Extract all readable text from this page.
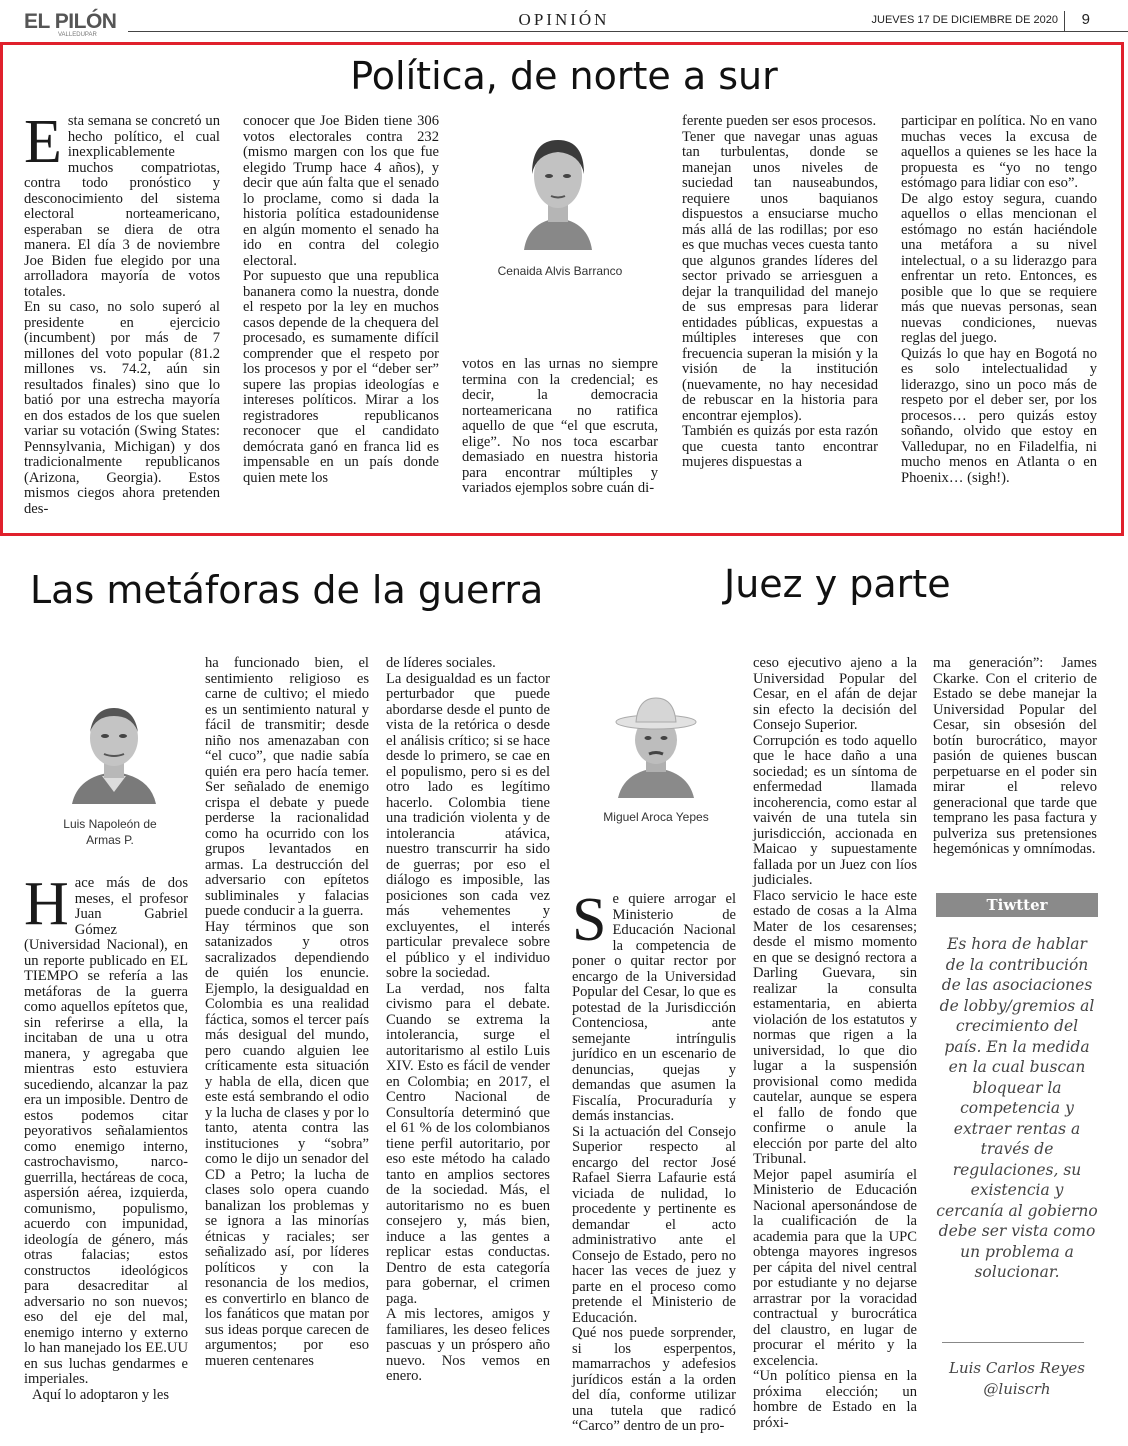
EL PILÓN
VALLEDUPAR
OPINIÓN	JUEVES 17 DE DICIEMBRE DE 2020 9
Política, de norte a sur
E sta semana se concretó un hecho político, el cual inexplicablemente muchos compatriotas, contra todo pronóstico y desconocimiento del sistema electoral norteamericano, esperaban se diera de otra manera. El día 3 de noviembre Joe Biden fue elegido por una arrolladora mayoría de votos totales.

En su caso, no solo superó al presidente en ejercicio (incumbent) por más de 7 millones del voto popular (81.2 millones vs. 74.2, aún sin resultados finales) sino que lo batió por una estrecha mayoría en dos estados de los que suelen variar su votación (Swing States: Pennsylvania, Michigan) y dos tradicionalmente republicanos (Arizona, Georgia). Estos mismos ciegos ahora pretenden des-

conocer que Joe Biden tiene 306 votos electorales contra 232 (mismo margen con los que fue elegido Trump hace 4 años), y decir que aún falta que el senado lo proclame, como si dada la historia política estadounidense en algún momento el senado ha ido en contra del colegio electoral.

Por supuesto que una republica bananera como la nuestra, donde el respeto por la ley en muchos casos depende de la chequera del procesado, es sumamente difícil comprender que el respeto por los procesos y por el “deber ser” supere las propias ideologías e intereses políticos. Mirar a los registradores republicanos reconocer que el candidato demócrata ganó en franca lid es impensable en un país donde quien mete los

Cenaida Alvis Barranco

votos en las urnas no siempre termina con la credencial; es decir, la democracia norteamericana no ratifica aquello de que “el que escruta, elige”. No nos toca escarbar demasiado en nuestra historia para encontrar múltiples y variados ejemplos sobre cuán di-

ferente pueden ser esos procesos.

Tener que navegar unas aguas tan turbulentas, donde se manejan unos niveles de suciedad tan nauseabundos, requiere unos baquianos dispuestos a ensuciarse mucho más allá de las rodillas; por eso es que muchas veces cuesta tanto que algunos grandes líderes del sector privado se arriesguen a dejar la tranquilidad del manejo de sus empresas para liderar entidades públicas, expuestas a múltiples intereses que con frecuencia superan la misión y la visión de la institución (nuevamente, no hay necesidad de rebuscar en la historia para encontrar ejemplos).

También es quizás por esta razón que cuesta tanto encontrar mujeres dispuestas a

participar en política. No en vano muchas veces la excusa de aquellos a quienes se les hace la propuesta es “yo no tengo estómago para lidiar con eso”.

De algo estoy segura, cuando aquellos o ellas mencionan el estómago no están haciéndole una metáfora a su nivel intelectual, o a su liderazgo para enfrentar un reto. Entonces, es posible que lo que se requiere más que nuevas personas, sean nuevas condiciones, nuevas reglas del juego.

Quizás lo que hay en Bogotá no es solo intelectualidad y liderazgo, sino un poco más de respeto por el deber ser, por los procesos… pero quizás estoy soñando, olvido que estoy en Valledupar, no en Filadelfia, ni mucho menos en Atlanta o en Phoenix… (sigh!).

Las metáforas de la guerra
Luis Napoleón de
Armas P.
H ace más de dos meses, el profesor Juan Gabriel Gómez (Universidad Nacional), en un reporte publicado en EL TIEMPO se refería a las metáforas de la guerra como aquellos epítetos que, sin referirse a ella, la incitaban de una u otra manera, y agregaba que mientras esto estuviera sucediendo, alcanzar la paz era un imposible. Dentro de estos podemos citar peyorativos señalamientos como enemigo interno, castrochavismo, narco-guerrilla, hectáreas de coca, aspersión aérea, izquierda, comunismo, populismo, acuerdo con impunidad, ideología de género, más otras falacias; estos constructos ideológicos para desacreditar al adversario no son nuevos; eso del eje del mal, enemigo interno y externo lo han manejado los EE.UU en sus luchas gendarmes e imperiales.

Aquí lo adoptaron y les

ha funcionado bien, el sentimiento religioso es carne de cultivo; el miedo es un sentimiento natural y fácil de transmitir; desde niño nos amenazaban con “el cuco”, que nadie sabía quién era pero hacía temer. Ser señalado de enemigo crispa el debate y puede perderse la racionalidad como ha ocurrido con los grupos levantados en armas. La destrucción del adversario con epítetos subliminales y falacias puede conducir a la guerra.

Hay términos que son satanizados y otros sacralizados dependiendo de quién los enuncie. Ejemplo, la desigualdad en Colombia es una realidad fáctica, somos el tercer país más desigual del mundo, pero cuando alguien lee críticamente esta situación y habla de ella, dicen que este está sembrando el odio y la lucha de clases y por lo tanto, atenta contra las instituciones y “sobra” como le dijo un senador del CD a Petro; la lucha de clases solo opera cuando banalizan los problemas y se ignora a las minorías étnicas y raciales; ser señalizado así, por líderes políticos y con la resonancia de los medios, es convertirlo en blanco de los fanáticos que matan por sus ideas porque carecen de argumentos; por eso mueren centenares

de líderes sociales.

La desigualdad es un factor perturbador que puede abordarse desde el punto de vista de la retórica o desde el análisis crítico; si se hace desde lo primero, se cae en el populismo, pero si es del otro lado es legítimo hacerlo. Colombia tiene una tradición violenta y de intolerancia atávica, nuestro transcurrir ha sido de guerras; por eso el diálogo es imposible, las posiciones son cada vez más vehementes y excluyentes, el interés particular prevalece sobre el público y el individuo sobre la sociedad.

La verdad, nos falta civismo para el debate. Cuando se extrema la intolerancia, surge el autoritarismo al estilo Luis XIV. Esto es fácil de vender en Colombia; en 2017, el Centro Nacional de Consultoría determinó que el 61 % de los colombianos tiene perfil autoritario, por eso este método ha calado tanto en amplios sectores de la sociedad. Más, el autoritarismo no es buen consejero y, más bien, induce a las gentes a replicar estas conductas. Dentro de esta categoría para gobernar, el crimen paga.

A mis lectores, amigos y familiares, les deseo felices pascuas y un próspero año nuevo. Nos vemos en enero.

Juez y parte
Miguel Aroca Yepes
S e quiere arrogar el Ministerio de Educación Nacional la competencia de poner o quitar rector por encargo de la Universidad Popular del Cesar, lo que es potestad de la Jurisdicción Contenciosa, ante semejante intríngulis jurídico en un escenario de denuncias, quejas y demandas que asumen la Fiscalía, Procuraduría y demás instancias.

Si la actuación del Consejo Superior respecto al encargo del rector José Rafael Sierra Lafaurie está viciada de nulidad, lo procedente y pertinente es demandar el acto administrativo ante el Consejo de Estado, pero no hacer las veces de juez y parte en el proceso como pretende el Ministerio de Educación.

Qué nos puede sorprender, si los esperpentos, mamarrachos y adefesios jurídicos están a la orden del día, conforme utilizar una tutela que radicó “Carco” dentro de un pro-

ceso ejecutivo ajeno a la Universidad Popular del Cesar, en el afán de dejar sin efecto la decisión del Consejo Superior.

Corrupción es todo aquello que le hace daño a una sociedad; es un síntoma de enfermedad llamada incoherencia, como estar al vaivén de una tutela sin jurisdicción, accionada en Maicao y supuestamente fallada por un Juez con líos judiciales.

Flaco servicio le hace este estado de cosas a la Alma Mater de los cesarenses; desde el mismo momento en que se designó rectora a Darling Guevara, sin realizar la consulta estamentaria, en abierta violación de los estatutos y normas que rigen a la universidad, lo que dio lugar a la suspensión provisional como medida cautelar, aunque se espera el fallo de fondo que confirme o anule la elección por parte del alto Tribunal.

Mejor papel asumiría el Ministerio de Educación Nacional apersonándose de la cualificación de la academia para que la UPC obtenga mayores ingresos per cápita del nivel central por estudiante y no dejarse arrastrar por la voracidad contractual y burocrática del claustro, en lugar de procurar el mérito y la excelencia.

“Un político piensa en la próxima elección; un hombre de Estado en la próxi-

ma generación”: James Ckarke. Con el criterio de Estado se debe manejar la Universidad Popular del Cesar, sin obsesión del botín burocrático, mayor pasión de quienes buscan perpetuarse en el poder sin mirar el relevo generacional que tarde que temprano les pasa factura y pulveriza sus pretensiones hegemónicas y omnímodas.

Tiwtter
Es hora de hablar de la contribución de las asociaciones de lobby/gremios al crecimiento del país. En la medida en la cual buscan bloquear la competencia y extraer rentas a través de regulaciones, su existencia y cercanía al gobierno debe ser vista como un problema a solucionar.
Luis Carlos Reyes
@luiscrh
